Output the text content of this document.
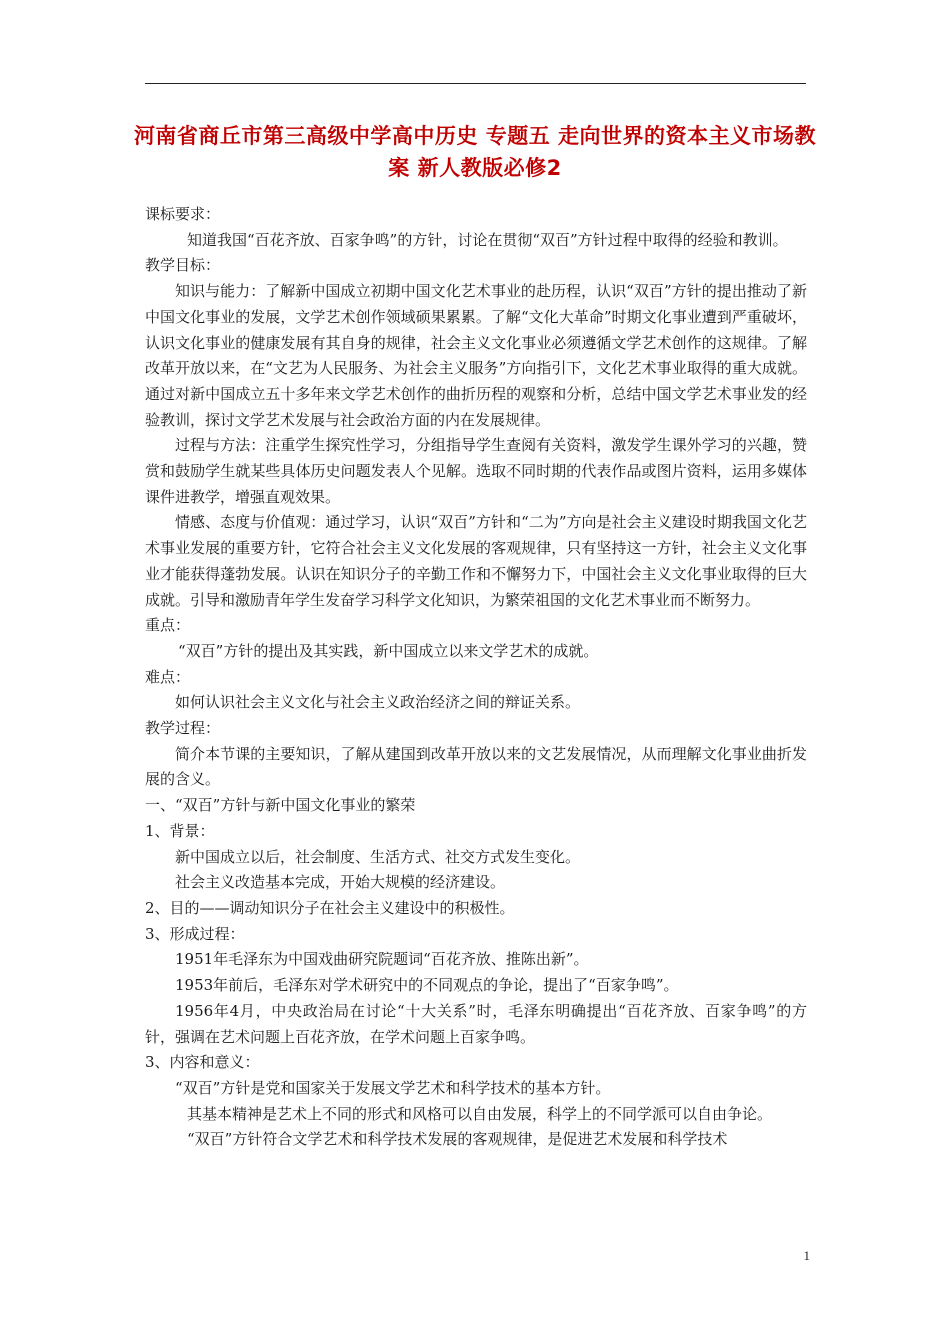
河南省商丘市第三高级中学高中历史 专题五 走向世界的资本主义市场教案 新人教版必修2

课标要求：

知道我国“百花齐放、百家争鸣”的方针，讨论在贯彻“双百”方针过程中取得的经验和教训。

教学目标：

知识与能力：了解新中国成立初期中国文化艺术事业的赴历程，认识“双百”方针的提出推动了新中国文化事业的发展，文学艺术创作领域硕果累累。了解“文化大革命”时期文化事业遭到严重破坏，认识文化事业的健康发展有其自身的规律，社会主义文化事业必须遵循文学艺术创作的这规律。了解改革开放以来，在“文艺为人民服务、为社会主义服务”方向指引下，文化艺术事业取得的重大成就。通过对新中国成立五十多年来文学艺术创作的曲折历程的观察和分析，总结中国文学艺术事业发的经验教训，探讨文学艺术发展与社会政治方面的内在发展规律。

过程与方法：注重学生探究性学习，分组指导学生查阅有关资料，激发学生课外学习的兴趣，赞赏和鼓励学生就某些具体历史问题发表人个见解。选取不同时期的代表作品或图片资料，运用多媒体课件进教学，增强直观效果。

情感、态度与价值观：通过学习，认识“双百”方针和“二为”方向是社会主义建设时期我国文化艺术事业发展的重要方针，它符合社会主义文化发展的客观规律，只有坚持这一方针，社会主义文化事业才能获得蓬勃发展。认识在知识分子的辛勤工作和不懈努力下，中国社会主义文化事业取得的巨大成就。引导和激励青年学生发奋学习科学文化知识，为繁荣祖国的文化艺术事业而不断努力。

重点：

“双百”方针的提出及其实践，新中国成立以来文学艺术的成就。

难点：

如何认识社会主义文化与社会主义政治经济之间的辩证关系。

教学过程：

简介本节课的主要知识，了解从建国到改革开放以来的文艺发展情况，从而理解文化事业曲折发展的含义。

一、“双百”方针与新中国文化事业的繁荣

1、背景：

新中国成立以后，社会制度、生活方式、社交方式发生变化。

社会主义改造基本完成，开始大规模的经济建设。

2、目的——调动知识分子在社会主义建设中的积极性。

3、形成过程：

1951年毛泽东为中国戏曲研究院题词“百花齐放、推陈出新”。

1953年前后，毛泽东对学术研究中的不同观点的争论，提出了“百家争鸣”。

1956年4月，中央政治局在讨论“十大关系”时，毛泽东明确提出“百花齐放、百家争鸣”的方针，强调在艺术问题上百花齐放，在学术问题上百家争鸣。

3、内容和意义：

“双百”方针是党和国家关于发展文学艺术和科学技术的基本方针。

其基本精神是艺术上不同的形式和风格可以自由发展，科学上的不同学派可以自由争论。

“双百”方针符合文学艺术和科学技术发展的客观规律，是促进艺术发展和科学技术

1
